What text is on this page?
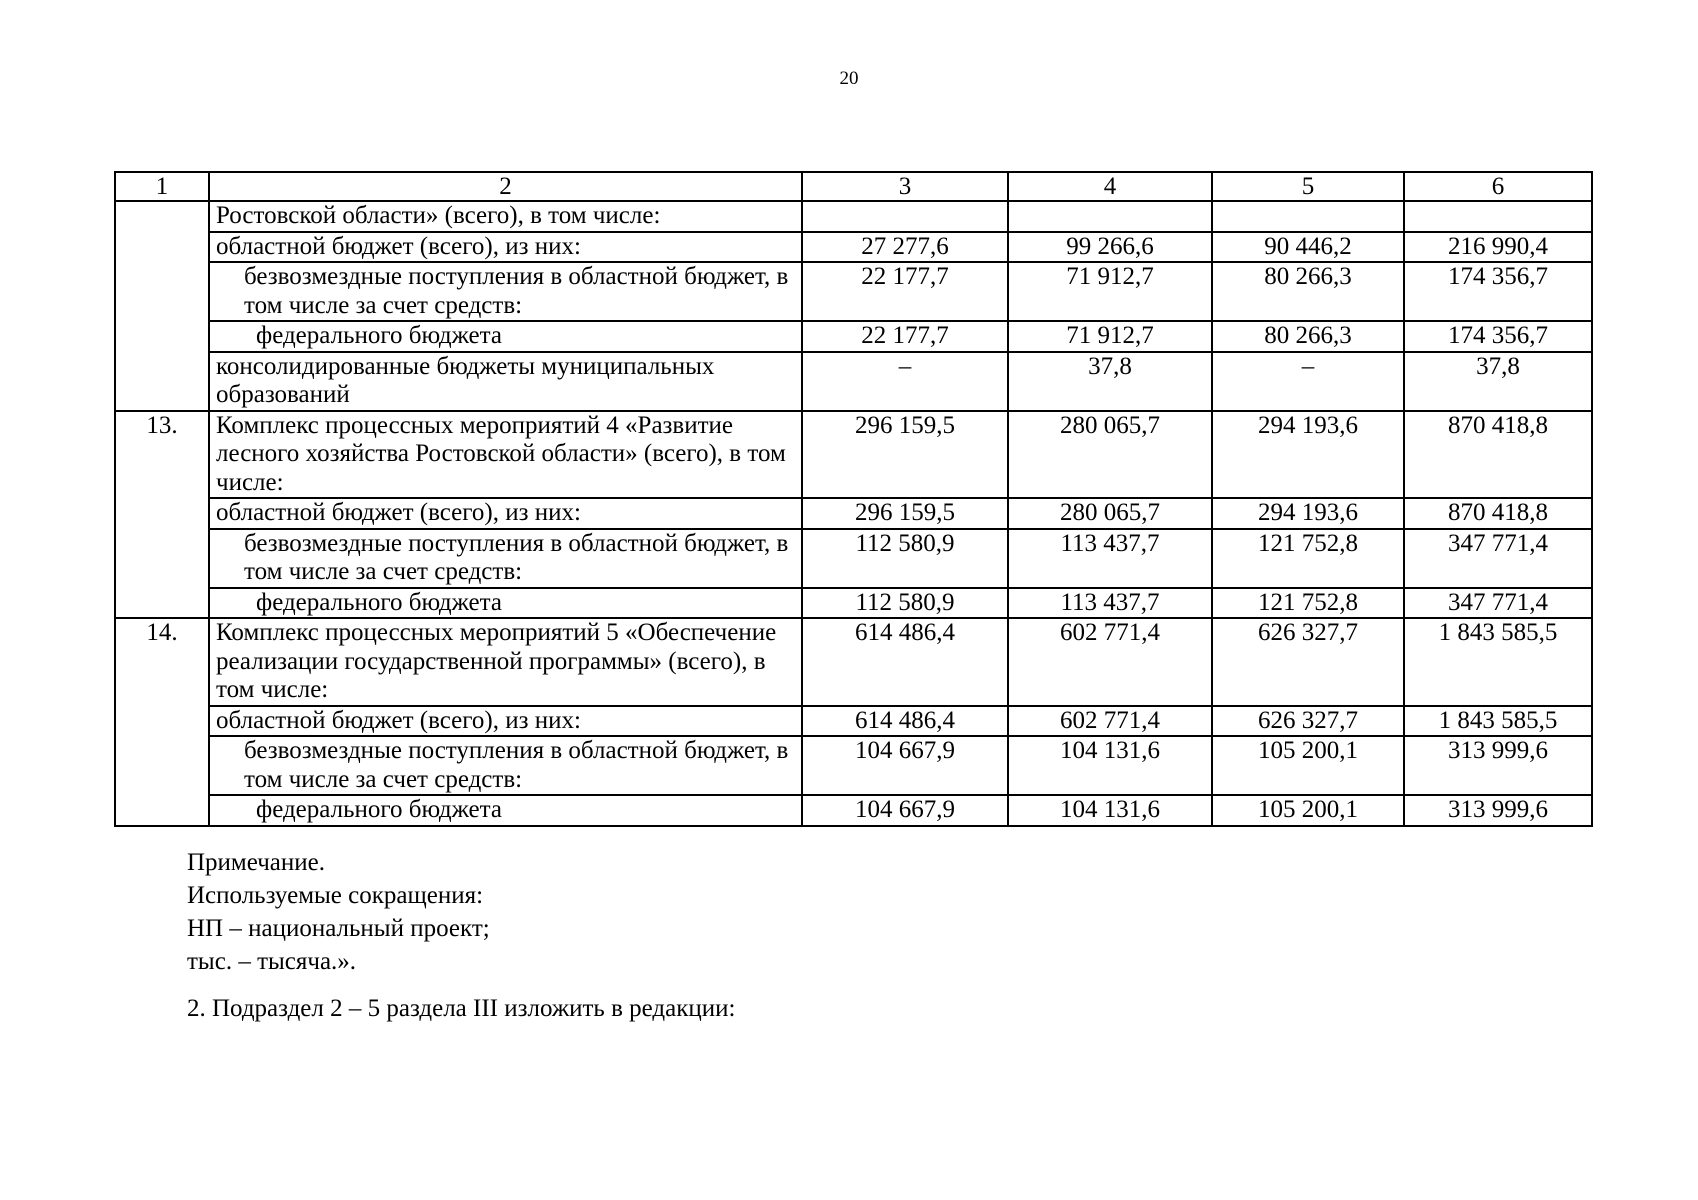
20
1	2	3	4	5	6
	Ростовской области» (всего), в том числе:				
	областной бюджет (всего), из них:	27 277,6	99 266,6	90 446,2	216 990,4

	безвозмездные поступления в областной бюджет, в том числе за счет средств:	22 177,7	71 912,7	80 266,3	174 356,7

	федерального бюджета	22 177,7	71 912,7	80 266,3	174 356,7
	консолидированные бюджеты муниципальных образований	–	37,8	–	37,8
13.	Комплекс процессных мероприятий 4 «Развитие лесного хозяйства Ростовской области» (всего), в том числе:	296 159,5	280 065,7	294 193,6	870 418,8
	областной бюджет (всего), из них:	296 159,5	280 065,7	294 193,6	870 418,8

	безвозмездные поступления в областной бюджет, в том числе за счет средств:	112 580,9	113 437,7	121 752,8	347 771,4

	федерального бюджета	112 580,9	113 437,7	121 752,8	347 771,4
14.	Комплекс процессных мероприятий 5 «Обеспечение реализации государственной программы» (всего), в том числе:	614 486,4	602 771,4	626 327,7	1 843 585,5
	областной бюджет (всего), из них:	614 486,4	602 771,4	626 327,7	1 843 585,5

	безвозмездные поступления в областной бюджет, в том числе за счет средств:	104 667,9	104 131,6	105 200,1	313 999,6

	федерального бюджета	104 667,9	104 131,6	105 200,1	313 999,6
Примечание.
Используемые сокращения:
НП – национальный проект;
тыс. – тысяча.».
2. Подраздел 2 – 5 раздела III изложить в редакции:
